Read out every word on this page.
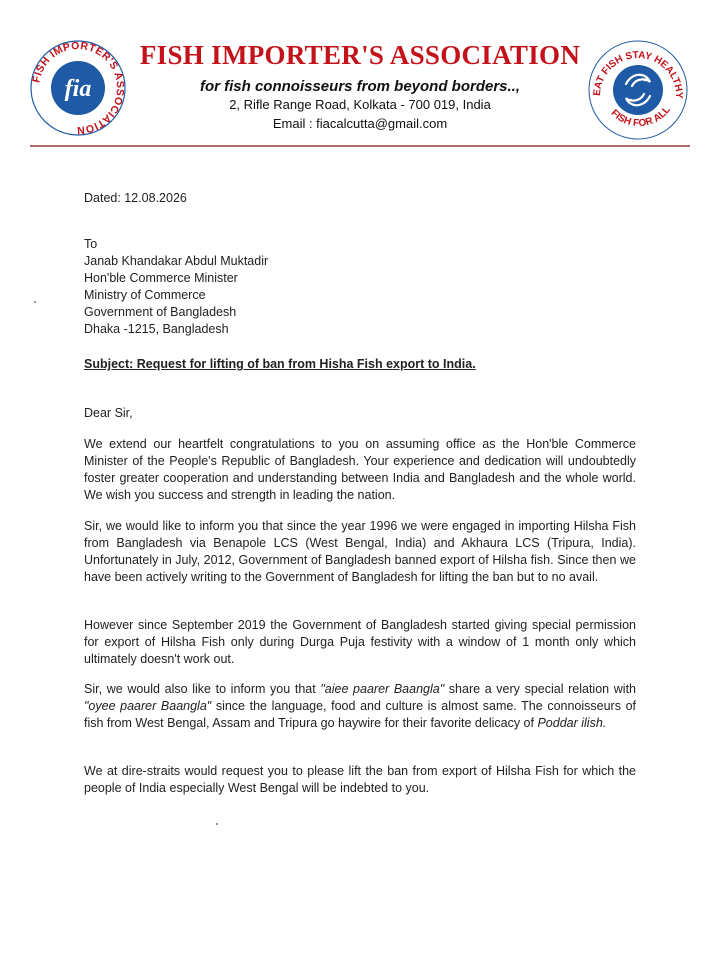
FISH IMPORTER'S ASSOCIATION
fia
FISH IMPORTER'S ASSOCIATION
for fish connoisseurs from beyond borders..,
2, Rifle Range Road, Kolkata - 700 019, India
Email : fiacalcutta@gmail.com
EAT FISH STAY HEALTHY
FISH FOR ALL
Dated: 12.08.2026
To
Janab Khandakar Abdul Muktadir
Hon'ble Commerce Minister
Ministry of Commerce
Government of Bangladesh
Dhaka -1215, Bangladesh
Subject: Request for lifting of ban from Hisha Fish export to India.
Dear Sir,
We extend our heartfelt congratulations to you on assuming office as the Hon'ble Commerce Minister of the People's Republic of Bangladesh. Your experience and dedication will undoubtedly foster greater cooperation and understanding between India and Bangladesh and the whole world. We wish you success and strength in leading the nation.
Sir, we would like to inform you that since the year 1996 we were engaged in importing Hilsha Fish from Bangladesh via Benapole LCS (West Bengal, India) and Akhaura LCS (Tripura, India). Unfortunately in July, 2012, Government of Bangladesh banned export of Hilsha fish. Since then we have been actively writing to the Government of Bangladesh for lifting the ban but to no avail.
However since September 2019 the Government of Bangladesh started giving special permission for export of Hilsha Fish only during Durga Puja festivity with a window of 1 month only which ultimately doesn't work out.
Sir, we would also like to inform you that "aiee paarer Baangla" share a very special relation with "oyee paarer Baangla" since the language, food and culture is almost same. The connoisseurs of fish from West Bengal, Assam and Tripura go haywire for their favorite delicacy of Poddar ilish.
We at dire-straits would request you to please lift the ban from export of Hilsha Fish for which the people of India especially West Bengal will be indebted to you.
